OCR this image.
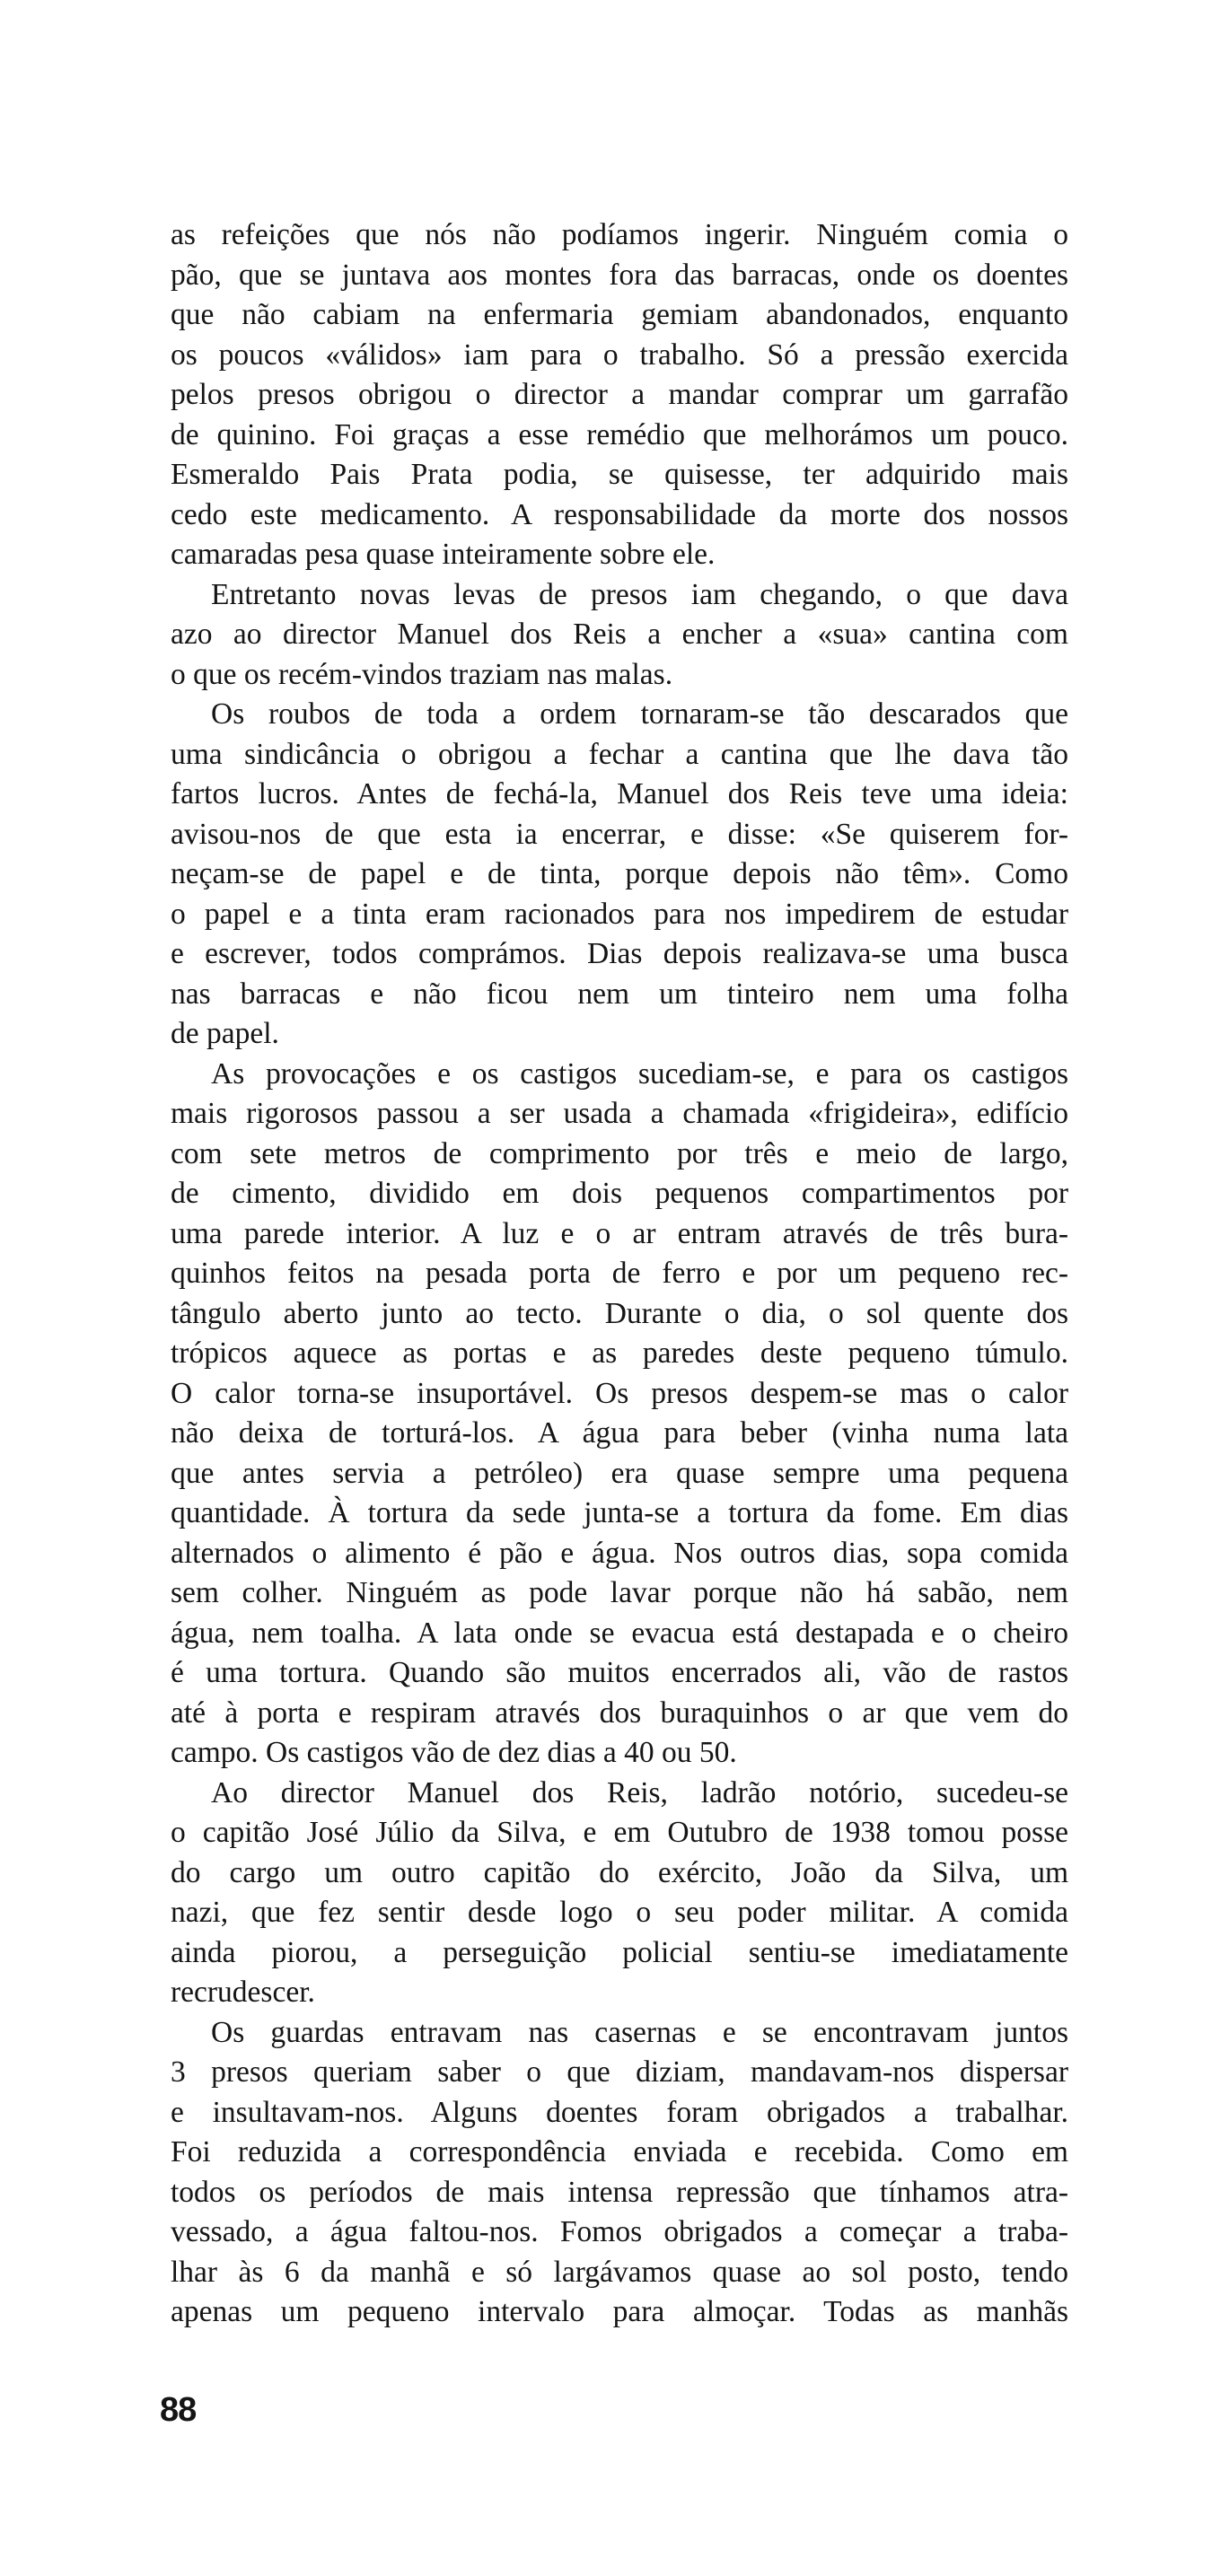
as refeições que nós não podíamos ingerir. Ninguém comia o
pão, que se juntava aos montes fora das barracas, onde os doentes
que não cabiam na enfermaria gemiam abandonados, enquanto
os poucos «válidos» iam para o trabalho. Só a pressão exercida
pelos presos obrigou o director a mandar comprar um garrafão
de quinino. Foi graças a esse remédio que melhorámos um pouco.
Esmeraldo Pais Prata podia, se quisesse, ter adquirido mais
cedo este medicamento. A responsabilidade da morte dos nossos
camaradas pesa quase inteiramente sobre ele.

Entretanto novas levas de presos iam chegando, o que dava
azo ao director Manuel dos Reis a encher a «sua» cantina com
o que os recém-vindos traziam nas malas.

Os roubos de toda a ordem tornaram-se tão descarados que
uma sindicância o obrigou a fechar a cantina que lhe dava tão
fartos lucros. Antes de fechá-la, Manuel dos Reis teve uma ideia:
avisou-nos de que esta ia encerrar, e disse: «Se quiserem for-
neçam-se de papel e de tinta, porque depois não têm». Como
o papel e a tinta eram racionados para nos impedirem de estudar
e escrever, todos comprámos. Dias depois realizava-se uma busca
nas barracas e não ficou nem um tinteiro nem uma folha
de papel.

As provocações e os castigos sucediam-se, e para os castigos
mais rigorosos passou a ser usada a chamada «frigideira», edifício
com sete metros de comprimento por três e meio de largo,
de cimento, dividido em dois pequenos compartimentos por
uma parede interior. A luz e o ar entram através de três bura-
quinhos feitos na pesada porta de ferro e por um pequeno rec-
tângulo aberto junto ao tecto. Durante o dia, o sol quente dos
trópicos aquece as portas e as paredes deste pequeno túmulo.
O calor torna-se insuportável. Os presos despem-se mas o calor
não deixa de torturá-los. A água para beber (vinha numa lata
que antes servia a petróleo) era quase sempre uma pequena
quantidade. À tortura da sede junta-se a tortura da fome. Em dias
alternados o alimento é pão e água. Nos outros dias, sopa comida
sem colher. Ninguém as pode lavar porque não há sabão, nem
água, nem toalha. A lata onde se evacua está destapada e o cheiro
é uma tortura. Quando são muitos encerrados ali, vão de rastos
até à porta e respiram através dos buraquinhos o ar que vem do
campo. Os castigos vão de dez dias a 40 ou 50.

Ao director Manuel dos Reis, ladrão notório, sucedeu-se
o capitão José Júlio da Silva, e em Outubro de 1938 tomou posse
do cargo um outro capitão do exército, João da Silva, um
nazi, que fez sentir desde logo o seu poder militar. A comida
ainda piorou, a perseguição policial sentiu-se imediatamente
recrudescer.

Os guardas entravam nas casernas e se encontravam juntos
3 presos queriam saber o que diziam, mandavam-nos dispersar
e insultavam-nos. Alguns doentes foram obrigados a trabalhar.
Foi reduzida a correspondência enviada e recebida. Como em
todos os períodos de mais intensa repressão que tínhamos atra-
vessado, a água faltou-nos. Fomos obrigados a começar a traba-
lhar às 6 da manhã e só largávamos quase ao sol posto, tendo
apenas um pequeno intervalo para almoçar. Todas as manhãs

88
